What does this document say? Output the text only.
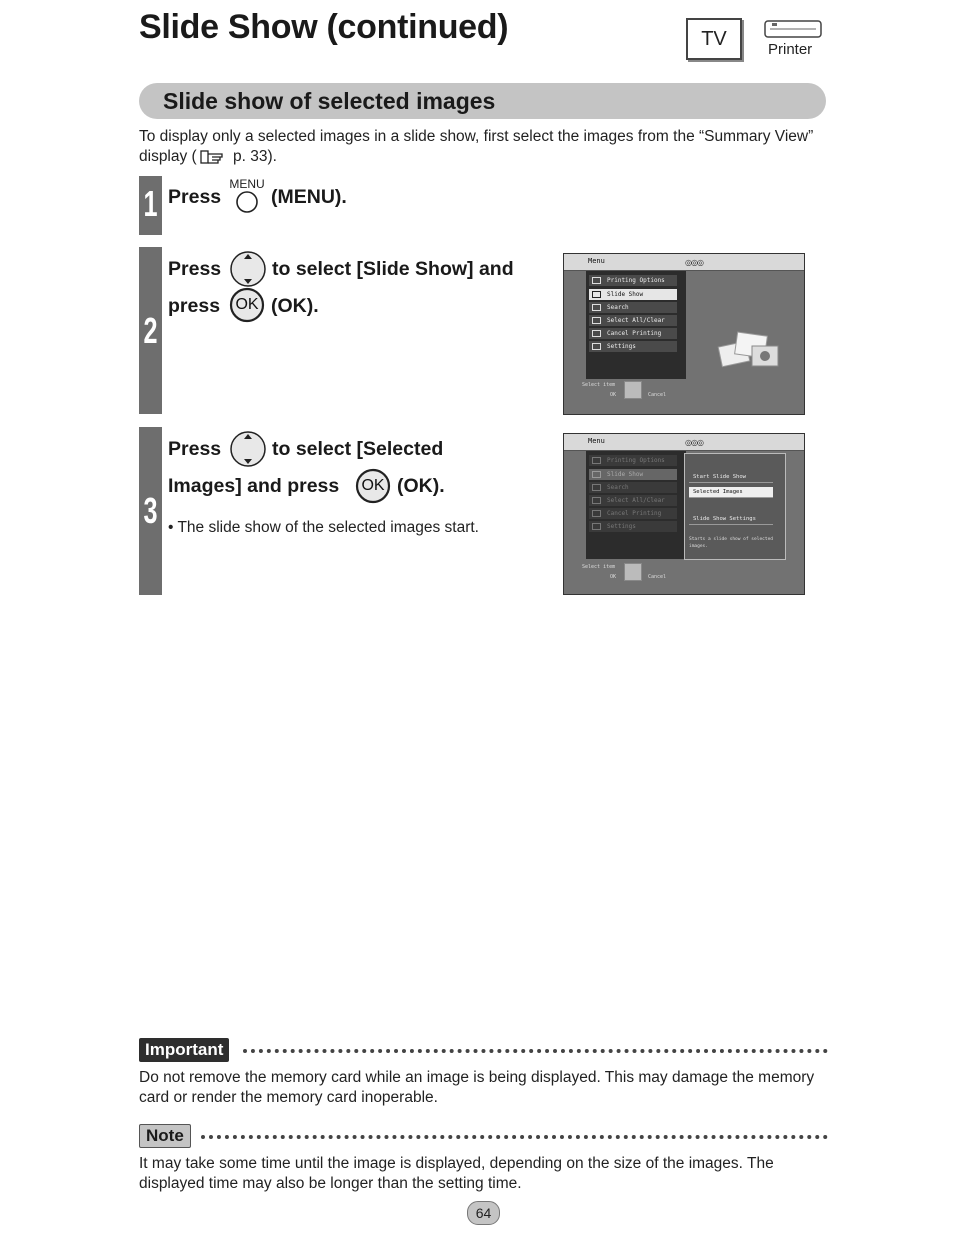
Slide Show (continued)	TV	Printer
Slide show of selected images
To display only a selected images in a slide show, first select the images from the “Summary View” display ( p. 33).
1 Press
MENU
(MENU).
2
Press	to select [Slide Show] and
press OK (OK).
Menu	◎◎◎
Printing Options
Slide Show
Search
Select All/Clear
Cancel Printing
Settings
Select item
OK	Cancel
3
Press	to select [Selected
Images] and press	OK (OK).
• The slide show of the selected images start.
Menu	◎◎◎
Printing Options
Slide Show
Search
Select All/Clear
Cancel Printing
Settings
Start Slide Show
Selected Images
Slide Show Settings
Starts a slide show of selected images.
Select item
OK	Cancel
Important
Do not remove the memory card while an image is being displayed. This may damage the memory card or render the memory card inoperable.
Note
It may take some time until the image is displayed, depending on the size of the images. The displayed time may also be longer than the setting time.
64
